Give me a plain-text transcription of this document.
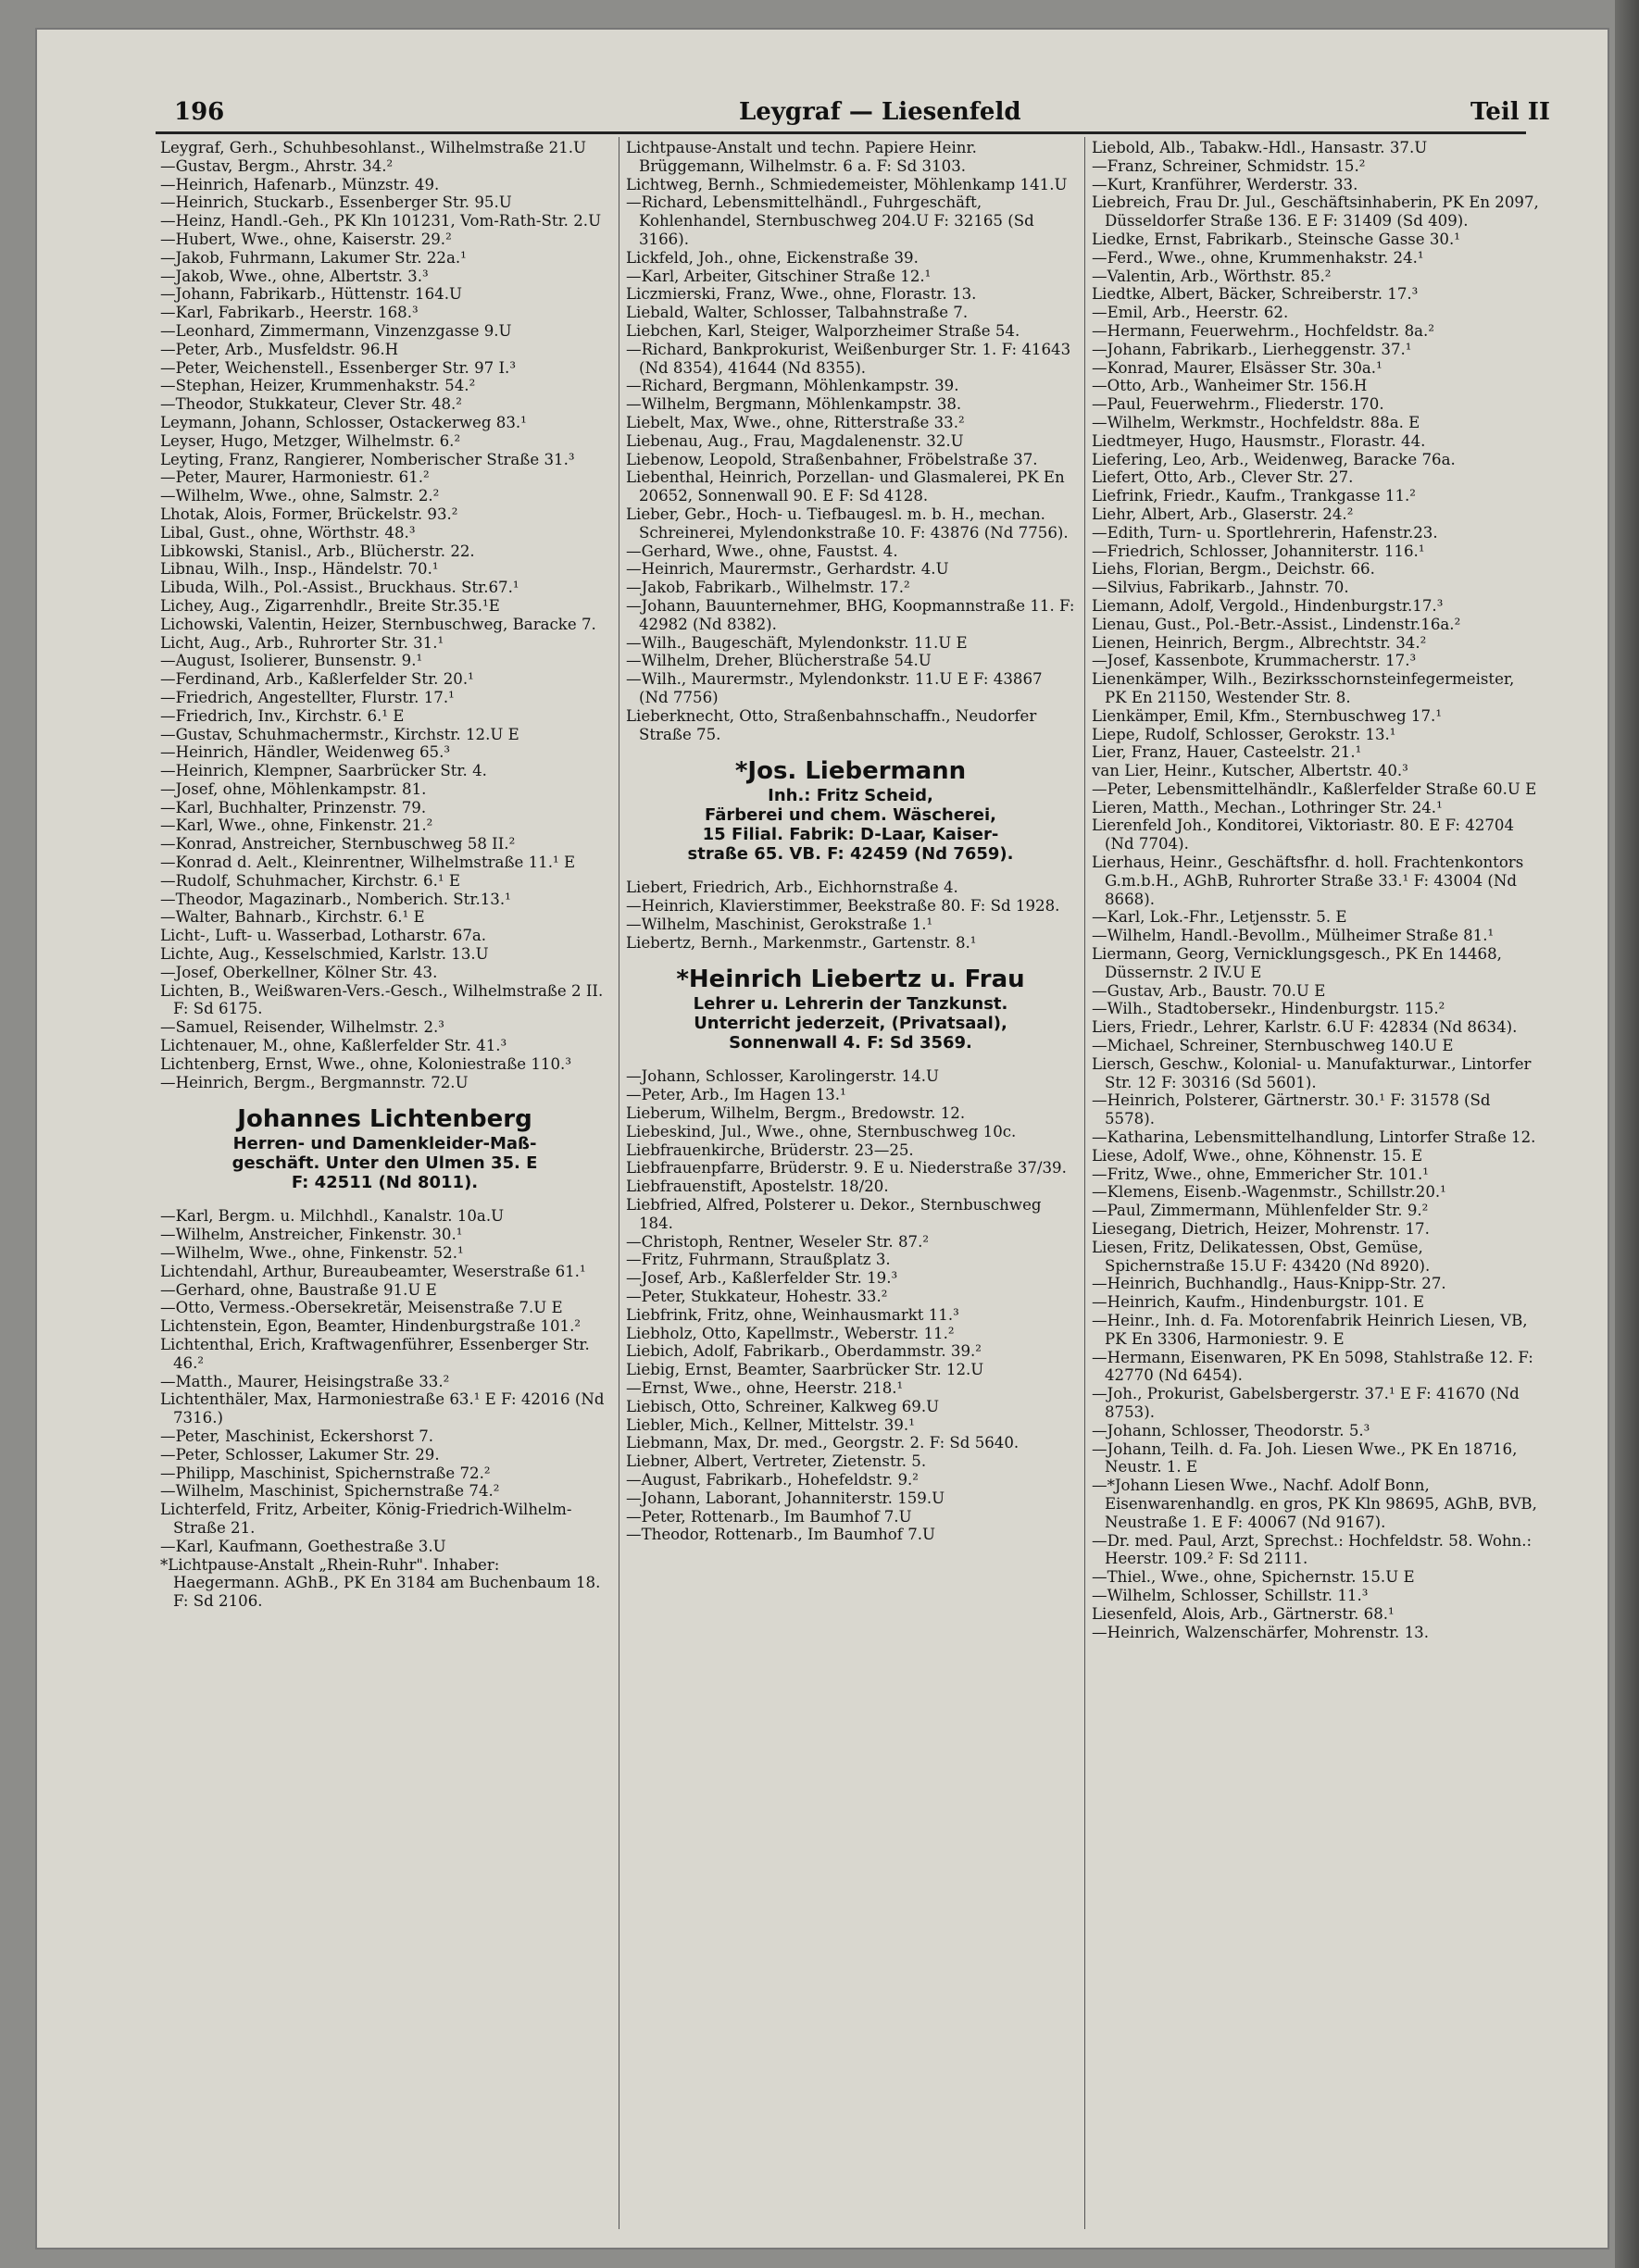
196	Leygraf — Liesenfeld	Teil II

Leygraf, Gerh., Schuhbesohlanst., Wilhelmstraße 21.U

—Gustav, Bergm., Ahrstr. 34.²

—Heinrich, Hafenarb., Münzstr. 49.

—Heinrich, Stuckarb., Essenberger Str. 95.U

—Heinz, Handl.-Geh., PK Kln 101231, Vom-Rath-Str. 2.U

—Hubert, Wwe., ohne, Kaiserstr. 29.²

—Jakob, Fuhrmann, Lakumer Str. 22a.¹

—Jakob, Wwe., ohne, Albertstr. 3.³

—Johann, Fabrikarb., Hüttenstr. 164.U

—Karl, Fabrikarb., Heerstr. 168.³

—Leonhard, Zimmermann, Vinzenzgasse 9.U

—Peter, Arb., Musfeldstr. 96.H

—Peter, Weichenstell., Essenberger Str. 97 I.³

—Stephan, Heizer, Krummenhakstr. 54.²

—Theodor, Stukkateur, Clever Str. 48.²

Leymann, Johann, Schlosser, Ostackerweg 83.¹

Leyser, Hugo, Metzger, Wilhelmstr. 6.²

Leyting, Franz, Rangierer, Nomberischer Straße 31.³

—Peter, Maurer, Harmoniestr. 61.²

—Wilhelm, Wwe., ohne, Salmstr. 2.²

Lhotak, Alois, Former, Brückelstr. 93.²

Libal, Gust., ohne, Wörthstr. 48.³

Libkowski, Stanisl., Arb., Blücherstr. 22.

Libnau, Wilh., Insp., Händelstr. 70.¹

Libuda, Wilh., Pol.-Assist., Bruckhaus. Str.67.¹

Lichey, Aug., Zigarrenhdlr., Breite Str.35.¹E

Lichowski, Valentin, Heizer, Sternbuschweg, Baracke 7.

Licht, Aug., Arb., Ruhrorter Str. 31.¹

—August, Isolierer, Bunsenstr. 9.¹

—Ferdinand, Arb., Kaßlerfelder Str. 20.¹

—Friedrich, Angestellter, Flurstr. 17.¹

—Friedrich, Inv., Kirchstr. 6.¹ E

—Gustav, Schuhmachermstr., Kirchstr. 12.U E

—Heinrich, Händler, Weidenweg 65.³

—Heinrich, Klempner, Saarbrücker Str. 4.

—Josef, ohne, Möhlenkampstr. 81.

—Karl, Buchhalter, Prinzenstr. 79.

—Karl, Wwe., ohne, Finkenstr. 21.²

—Konrad, Anstreicher, Sternbuschweg 58 II.²

—Konrad d. Aelt., Kleinrentner, Wilhelmstraße 11.¹ E

—Rudolf, Schuhmacher, Kirchstr. 6.¹ E

—Theodor, Magazinarb., Nomberich. Str.13.¹

—Walter, Bahnarb., Kirchstr. 6.¹ E

Licht-, Luft- u. Wasserbad, Lotharstr. 67a.

Lichte, Aug., Kesselschmied, Karlstr. 13.U

—Josef, Oberkellner, Kölner Str. 43.

Lichten, B., Weißwaren-Vers.-Gesch., Wilhelmstraße 2 II. F: Sd 6175.

—Samuel, Reisender, Wilhelmstr. 2.³

Lichtenauer, M., ohne, Kaßlerfelder Str. 41.³

Lichtenberg, Ernst, Wwe., ohne, Koloniestraße 110.³

—Heinrich, Bergm., Bergmannstr. 72.U

Johannes Lichtenberg
Herren- und Damenkleider-Maß-
geschäft. Unter den Ulmen 35. E
F: 42511 (Nd 8011).

—Karl, Bergm. u. Milchhdl., Kanalstr. 10a.U

—Wilhelm, Anstreicher, Finkenstr. 30.¹

—Wilhelm, Wwe., ohne, Finkenstr. 52.¹

Lichtendahl, Arthur, Bureaubeamter, Weserstraße 61.¹

—Gerhard, ohne, Baustraße 91.U E

—Otto, Vermess.-Obersekretär, Meisenstraße 7.U E

Lichtenstein, Egon, Beamter, Hindenburgstraße 101.²

Lichtenthal, Erich, Kraftwagenführer, Essenberger Str. 46.²

—Matth., Maurer, Heisingstraße 33.²

Lichtenthäler, Max, Harmoniestraße 63.¹ E F: 42016 (Nd 7316.)

—Peter, Maschinist, Eckershorst 7.

—Peter, Schlosser, Lakumer Str. 29.

—Philipp, Maschinist, Spichernstraße 72.²

—Wilhelm, Maschinist, Spichernstraße 74.²

Lichterfeld, Fritz, Arbeiter, König-Friedrich-Wilhelm-Straße 21.

—Karl, Kaufmann, Goethestraße 3.U

*Lichtpause-Anstalt „Rhein-Ruhr". Inhaber: Haegermann. AGhB., PK En 3184 am Buchenbaum 18. F: Sd 2106.

Lichtpause-Anstalt und techn. Papiere Heinr. Brüggemann, Wilhelmstr. 6 a. F: Sd 3103.

Lichtweg, Bernh., Schmiedemeister, Möhlenkamp 141.U

—Richard, Lebensmittelhändl., Fuhrgeschäft, Kohlenhandel, Sternbuschweg 204.U F: 32165 (Sd 3166).

Lickfeld, Joh., ohne, Eickenstraße 39.

—Karl, Arbeiter, Gitschiner Straße 12.¹

Liczmierski, Franz, Wwe., ohne, Florastr. 13.

Liebald, Walter, Schlosser, Talbahnstraße 7.

Liebchen, Karl, Steiger, Walporzheimer Straße 54.

—Richard, Bankprokurist, Weißenburger Str. 1. F: 41643 (Nd 8354), 41644 (Nd 8355).

—Richard, Bergmann, Möhlenkampstr. 39.

—Wilhelm, Bergmann, Möhlenkampstr. 38.

Liebelt, Max, Wwe., ohne, Ritterstraße 33.²

Liebenau, Aug., Frau, Magdalenenstr. 32.U

Liebenow, Leopold, Straßenbahner, Fröbelstraße 37.

Liebenthal, Heinrich, Porzellan- und Glasmalerei, PK En 20652, Sonnenwall 90. E F: Sd 4128.

Lieber, Gebr., Hoch- u. Tiefbaugesl. m. b. H., mechan. Schreinerei, Mylendonkstraße 10. F: 43876 (Nd 7756).

—Gerhard, Wwe., ohne, Faustst. 4.

—Heinrich, Maurermstr., Gerhardstr. 4.U

—Jakob, Fabrikarb., Wilhelmstr. 17.²

—Johann, Bauunternehmer, BHG, Koopmannstraße 11. F: 42982 (Nd 8382).

—Wilh., Baugeschäft, Mylendonkstr. 11.U E

—Wilhelm, Dreher, Blücherstraße 54.U

—Wilh., Maurermstr., Mylendonkstr. 11.U E F: 43867 (Nd 7756)

Lieberknecht, Otto, Straßenbahnschaffn., Neudorfer Straße 75.

*Jos. Liebermann
Inh.: Fritz Scheid,
Färberei und chem. Wäscherei,
15 Filial. Fabrik: D-Laar, Kaiser-
straße 65. VB. F: 42459 (Nd 7659).

Liebert, Friedrich, Arb., Eichhornstraße 4.

—Heinrich, Klavierstimmer, Beekstraße 80. F: Sd 1928.

—Wilhelm, Maschinist, Gerokstraße 1.¹

Liebertz, Bernh., Markenmstr., Gartenstr. 8.¹

*Heinrich Liebertz u. Frau
Lehrer u. Lehrerin der Tanzkunst.
Unterricht jederzeit, (Privatsaal),
Sonnenwall 4. F: Sd 3569.

—Johann, Schlosser, Karolingerstr. 14.U

—Peter, Arb., Im Hagen 13.¹

Lieberum, Wilhelm, Bergm., Bredowstr. 12.

Liebeskind, Jul., Wwe., ohne, Sternbuschweg 10c.

Liebfrauenkirche, Brüderstr. 23—25.

Liebfrauenpfarre, Brüderstr. 9. E u. Niederstraße 37/39.

Liebfrauenstift, Apostelstr. 18/20.

Liebfried, Alfred, Polsterer u. Dekor., Sternbuschweg 184.

—Christoph, Rentner, Weseler Str. 87.²

—Fritz, Fuhrmann, Straußplatz 3.

—Josef, Arb., Kaßlerfelder Str. 19.³

—Peter, Stukkateur, Hohestr. 33.²

Liebfrink, Fritz, ohne, Weinhausmarkt 11.³

Liebholz, Otto, Kapellmstr., Weberstr. 11.²

Liebich, Adolf, Fabrikarb., Oberdammstr. 39.²

Liebig, Ernst, Beamter, Saarbrücker Str. 12.U

—Ernst, Wwe., ohne, Heerstr. 218.¹

Liebisch, Otto, Schreiner, Kalkweg 69.U

Liebler, Mich., Kellner, Mittelstr. 39.¹

Liebmann, Max, Dr. med., Georgstr. 2. F: Sd 5640.

Liebner, Albert, Vertreter, Zietenstr. 5.

—August, Fabrikarb., Hohefeldstr. 9.²

—Johann, Laborant, Johanniterstr. 159.U

—Peter, Rottenarb., Im Baumhof 7.U

—Theodor, Rottenarb., Im Baumhof 7.U

Liebold, Alb., Tabakw.-Hdl., Hansastr. 37.U

—Franz, Schreiner, Schmidstr. 15.²

—Kurt, Kranführer, Werderstr. 33.

Liebreich, Frau Dr. Jul., Geschäftsinhaberin, PK En 2097, Düsseldorfer Straße 136. E F: 31409 (Sd 409).

Liedke, Ernst, Fabrikarb., Steinsche Gasse 30.¹

—Ferd., Wwe., ohne, Krummenhakstr. 24.¹

—Valentin, Arb., Wörthstr. 85.²

Liedtke, Albert, Bäcker, Schreiberstr. 17.³

—Emil, Arb., Heerstr. 62.

—Hermann, Feuerwehrm., Hochfeldstr. 8a.²

—Johann, Fabrikarb., Lierheggenstr. 37.¹

—Konrad, Maurer, Elsässer Str. 30a.¹

—Otto, Arb., Wanheimer Str. 156.H

—Paul, Feuerwehrm., Fliederstr. 170.

—Wilhelm, Werkmstr., Hochfeldstr. 88a. E

Liedtmeyer, Hugo, Hausmstr., Florastr. 44.

Liefering, Leo, Arb., Weidenweg, Baracke 76a.

Liefert, Otto, Arb., Clever Str. 27.

Liefrink, Friedr., Kaufm., Trankgasse 11.²

Liehr, Albert, Arb., Glaserstr. 24.²

—Edith, Turn- u. Sportlehrerin, Hafenstr.23.

—Friedrich, Schlosser, Johanniterstr. 116.¹

Liehs, Florian, Bergm., Deichstr. 66.

—Silvius, Fabrikarb., Jahnstr. 70.

Liemann, Adolf, Vergold., Hindenburgstr.17.³

Lienau, Gust., Pol.-Betr.-Assist., Lindenstr.16a.²

Lienen, Heinrich, Bergm., Albrechtstr. 34.²

—Josef, Kassenbote, Krummacherstr. 17.³

Lienenkämper, Wilh., Bezirksschornsteinfegermeister, PK En 21150, Westender Str. 8.

Lienkämper, Emil, Kfm., Sternbuschweg 17.¹

Liepe, Rudolf, Schlosser, Gerokstr. 13.¹

Lier, Franz, Hauer, Casteelstr. 21.¹

van Lier, Heinr., Kutscher, Albertstr. 40.³

—Peter, Lebensmittelhändlr., Kaßlerfelder Straße 60.U E

Lieren, Matth., Mechan., Lothringer Str. 24.¹

Lierenfeld Joh., Konditorei, Viktoriastr. 80. E F: 42704 (Nd 7704).

Lierhaus, Heinr., Geschäftsfhr. d. holl. Frachtenkontors G.m.b.H., AGhB, Ruhrorter Straße 33.¹ F: 43004 (Nd 8668).

—Karl, Lok.-Fhr., Letjensstr. 5. E

—Wilhelm, Handl.-Bevollm., Mülheimer Straße 81.¹

Liermann, Georg, Vernicklungsgesch., PK En 14468, Düssernstr. 2 IV.U E

—Gustav, Arb., Baustr. 70.U E

—Wilh., Stadtobersekr., Hindenburgstr. 115.²

Liers, Friedr., Lehrer, Karlstr. 6.U F: 42834 (Nd 8634).

—Michael, Schreiner, Sternbuschweg 140.U E

Liersch, Geschw., Kolonial- u. Manufakturwar., Lintorfer Str. 12 F: 30316 (Sd 5601).

—Heinrich, Polsterer, Gärtnerstr. 30.¹ F: 31578 (Sd 5578).

—Katharina, Lebensmittelhandlung, Lintorfer Straße 12.

Liese, Adolf, Wwe., ohne, Köhnenstr. 15. E

—Fritz, Wwe., ohne, Emmericher Str. 101.¹

—Klemens, Eisenb.-Wagenmstr., Schillstr.20.¹

—Paul, Zimmermann, Mühlenfelder Str. 9.²

Liesegang, Dietrich, Heizer, Mohrenstr. 17.

Liesen, Fritz, Delikatessen, Obst, Gemüse, Spichernstraße 15.U F: 43420 (Nd 8920).

—Heinrich, Buchhandlg., Haus-Knipp-Str. 27.

—Heinrich, Kaufm., Hindenburgstr. 101. E

—Heinr., Inh. d. Fa. Motorenfabrik Heinrich Liesen, VB, PK En 3306, Harmoniestr. 9. E

—Hermann, Eisenwaren, PK En 5098, Stahlstraße 12. F: 42770 (Nd 6454).

—Joh., Prokurist, Gabelsbergerstr. 37.¹ E F: 41670 (Nd 8753).

—Johann, Schlosser, Theodorstr. 5.³

—Johann, Teilh. d. Fa. Joh. Liesen Wwe., PK En 18716, Neustr. 1. E

—*Johann Liesen Wwe., Nachf. Adolf Bonn, Eisenwarenhandlg. en gros, PK Kln 98695, AGhB, BVB, Neustraße 1. E F: 40067 (Nd 9167).

—Dr. med. Paul, Arzt, Sprechst.: Hochfeldstr. 58. Wohn.: Heerstr. 109.² F: Sd 2111.

—Thiel., Wwe., ohne, Spichernstr. 15.U E

—Wilhelm, Schlosser, Schillstr. 11.³

Liesenfeld, Alois, Arb., Gärtnerstr. 68.¹

—Heinrich, Walzenschärfer, Mohrenstr. 13.
